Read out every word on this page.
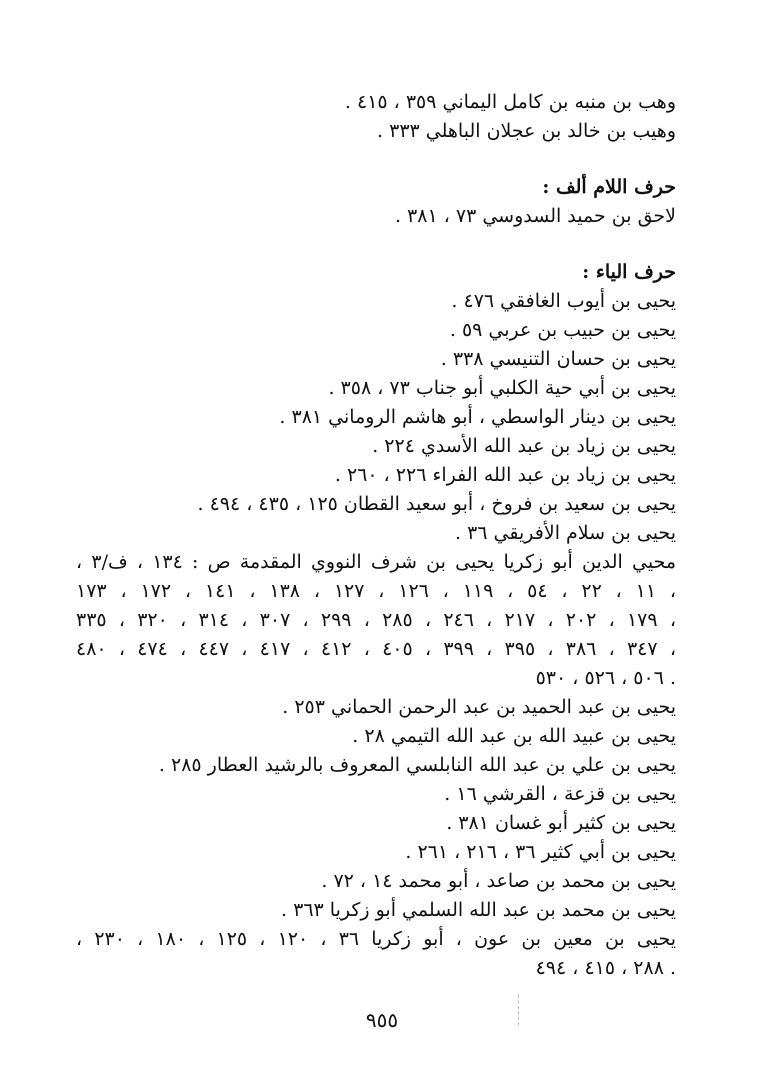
وهب بن منبه بن كامل اليماني ٣٥٩ ، ٤١٥ .
وهيب بن خالد بن عجلان الباهلي ٣٣٣ .
حرف اللام ألف :
لاحق بن حميد السدوسي ٧٣ ، ٣٨١ .
حرف الياء :
يحيى بن أيوب الغافقي ٤٧٦ .
يحيى بن حبيب بن عربي ٥٩ .
يحيى بن حسان التنيسي ٣٣٨ .
يحيى بن أبي حية الكلبي أبو جناب ٧٣ ، ٣٥٨ .
يحيى بن دينار الواسطي ، أبو هاشم الروماني ٣٨١ .
يحيى بن زياد بن عبد الله الأسدي ٢٢٤ .
يحيى بن زياد بن عبد الله الفراء ٢٢٦ ، ٢٦٠ .
يحيى بن سعيد بن فروخ ، أبو سعيد القطان ١٢٥ ، ٤٣٥ ، ٤٩٤ .
يحيى بن سلام الأفريقي ٣٦ .
محيي الدين أبو زكريا يحيى بن شرف النووي المقدمة ص : ١٣٤ ، ف/٣ ،
١١ ، ٢٢ ، ٥٤ ، ١١٩ ، ١٢٦ ، ١٢٧ ، ١٣٨ ، ١٤١ ، ١٧٢ ، ١٧٣ ،
١٧٩ ، ٢٠٢ ، ٢١٧ ، ٢٤٦ ، ٢٨٥ ، ٢٩٩ ، ٣٠٧ ، ٣١٤ ، ٣٢٠ ، ٣٣٥ ،
٣٤٧ ، ٣٨٦ ، ٣٩٥ ، ٣٩٩ ، ٤٠٥ ، ٤١٢ ، ٤١٧ ، ٤٤٧ ، ٤٧٤ ، ٤٨٠ ،
٥٠٦ ، ٥٢٦ ، ٥٣٠ .
يحيى بن عبد الحميد بن عبد الرحمن الحماني ٢٥٣ .
يحيى بن عبيد الله بن عبد الله التيمي ٢٨ .
يحيى بن علي بن عبد الله النابلسي المعروف بالرشيد العطار ٢٨٥ .
يحيى بن قزعة ، القرشي ١٦ .
يحيى بن كثير أبو غسان ٣٨١ .
يحيى بن أبي كثير ٣٦ ، ٢١٦ ، ٢٦١ .
يحيى بن محمد بن صاعد ، أبو محمد ١٤ ، ٧٢ .
يحيى بن محمد بن عبد الله السلمي أبو زكريا ٣٦٣ .
يحيى بن معين بن عون ، أبو زكريا ٣٦ ، ١٢٠ ، ١٢٥ ، ١٨٠ ، ٢٣٠ ،
٢٨٨ ، ٤١٥ ، ٤٩٤ .
٩٥٥
